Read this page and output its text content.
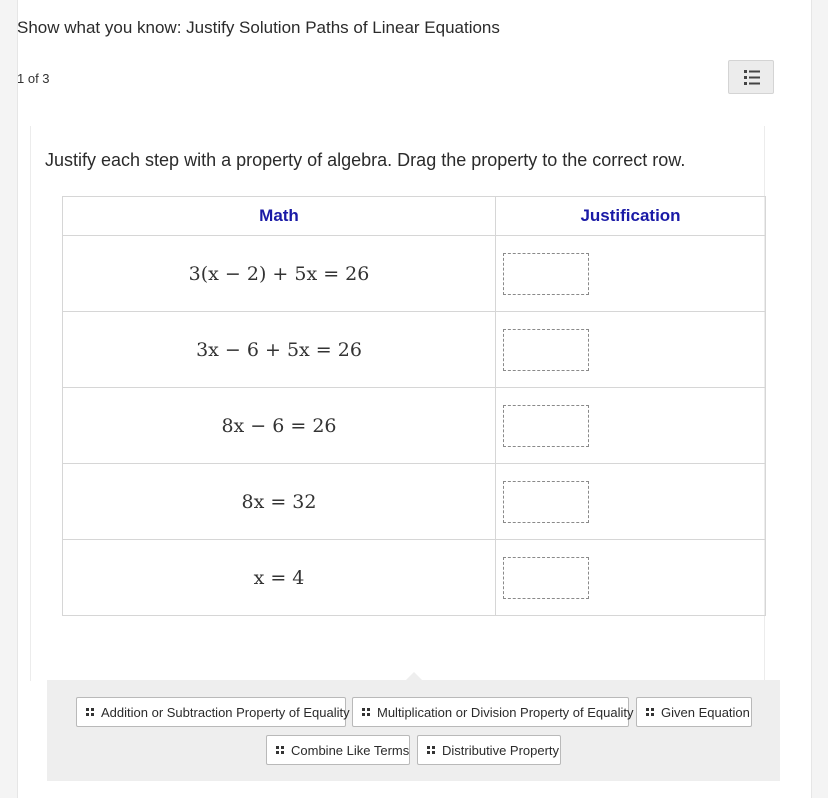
Show what you know: Justify Solution Paths of Linear Equations
1 of 3
Justify each step with a property of algebra. Drag the property to the correct row.
Math	Justification
3(x − 2) + 5x = 26	

3x − 6 + 5x = 26	

8x − 6 = 26	

8x = 32	

x = 4	
Addition or Subtraction Property of Equality Multiplication or Division Property of Equality Given Equation
Combine Like Terms	Distributive Property
